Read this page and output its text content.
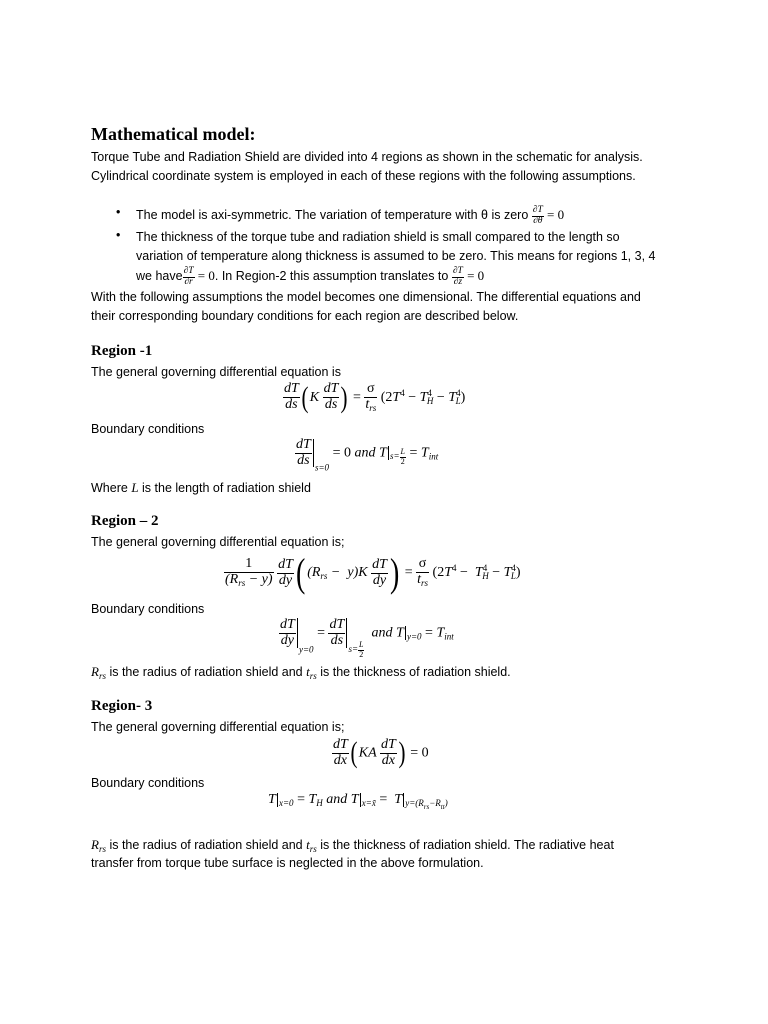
Mathematical model:
Torque Tube and Radiation Shield are divided into 4 regions as shown in the schematic for analysis.
Cylindrical coordinate system is employed in each of these regions with the following assumptions.
• The model is axi-symmetric. The variation of temperature with θ is zero $\frac{\partial T}{\partial\theta} = 0$
• The thickness of the torque tube and radiation shield is small compared to the length so
variation of temperature along thickness is assumed to be zero. This means for regions 1, 3, 4
we have $\frac{\partial T}{\partial r} = 0$. In Region-2 this assumption translates to $\frac{\partial T}{\partial z} = 0$
With the following assumptions the model becomes one dimensional. The differential equations and
their corresponding boundary conditions for each region are described below.
Region -1
The general governing differential equation is
$\frac{dT}{ds}$ ( K $\frac{dT}{ds}$ ) = $\frac{\sigma}{t_{rs}} (2T^4 - T^4_H - T^4_L)$
Boundary conditions
$\frac{dT}{ds} _{s=0} = 0$ and T $_{s= \frac{L}{2}} = T_{int}$
Where L is the length of radiation shield
Region – 2
The general governing differential equation is;
$\frac{1}{(R_{rs} - y)}$
$\frac{dT}{dy}$ ( $(R_{rs} - y)K \frac{dT}{dy}$ ) = $\frac{\sigma}{t_{rs}} (2T^4 - T^4_H - T^4_L)$
Boundary conditions
$\frac{dT}{dy}$
$_{y=0} = \frac{dT}{ds}$
$_{s= \frac{L}{2}}$
and T $_{y=0} = T_{int}$
$R_{rs}$ is the radius of radiation shield and $t_{rs}$ is the thickness of radiation shield.
Region- 3
The general governing differential equation is;
$\frac{dT}{dx}$ ( KA $\frac{dT}{dx}$ ) = 0
Boundary conditions
T $_{x=0} = T_H$ and T $_{x=x̃}$ =  T $_{y=(R_{rs}-R_{tt})}$
$R_{rs}$ is the radius of radiation shield and $t_{rs}$ is the thickness of radiation shield. The radiative heat
transfer from torque tube surface is neglected in the above formulation.
